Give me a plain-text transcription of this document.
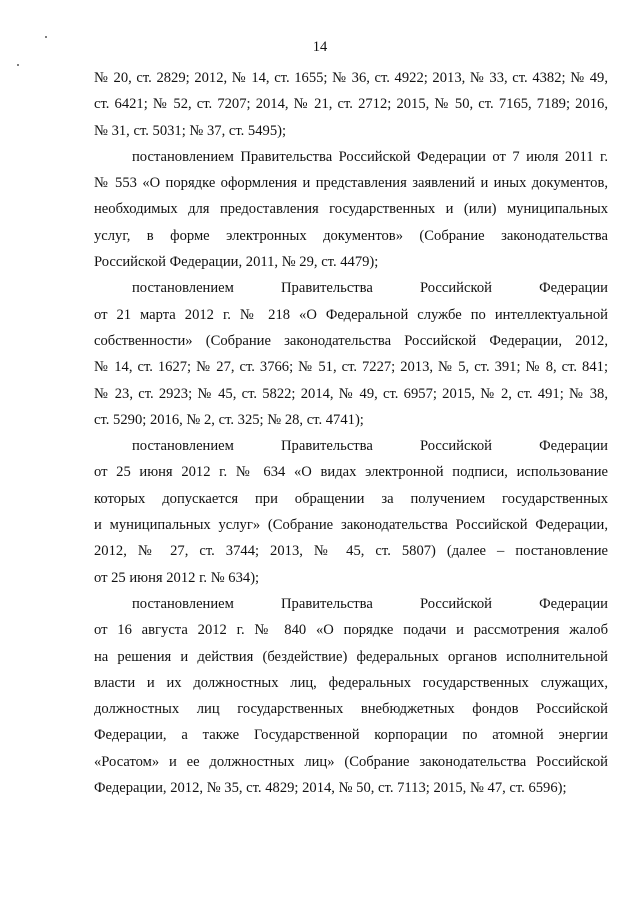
14
№ 20, ст. 2829; 2012, № 14, ст. 1655; № 36, ст. 4922; 2013, № 33, ст. 4382; № 49,
ст. 6421; № 52, ст. 7207; 2014, № 21, ст. 2712; 2015, № 50, ст. 7165, 7189; 2016,
№ 31, ст. 5031; № 37, ст. 5495);
постановлением Правительства Российской Федерации от 7 июля 2011 г.
№ 553 «О порядке оформления и представления заявлений и иных документов,
необходимых для предоставления государственных и (или) муниципальных
услуг, в форме электронных документов» (Собрание законодательства
Российской Федерации, 2011, № 29, ст. 4479);
постановлением Правительства Российской Федерации
от 21 марта 2012 г. № 218 «О Федеральной службе по интеллектуальной
собственности» (Собрание законодательства Российской Федерации, 2012,
№ 14, ст. 1627; № 27, ст. 3766; № 51, ст. 7227; 2013, № 5, ст. 391; № 8, ст. 841;
№ 23, ст. 2923; № 45, ст. 5822; 2014, № 49, ст. 6957; 2015, № 2, ст. 491; № 38,
ст. 5290; 2016, № 2, ст. 325; № 28, ст. 4741);
постановлением Правительства Российской Федерации
от 25 июня 2012 г. № 634 «О видах электронной подписи, использование
которых допускается при обращении за получением государственных
и муниципальных услуг» (Собрание законодательства Российской Федерации,
2012, № 27, ст. 3744; 2013, № 45, ст. 5807) (далее – постановление
от 25 июня 2012 г. № 634);
постановлением Правительства Российской Федерации
от 16 августа 2012 г. № 840 «О порядке подачи и рассмотрения жалоб
на решения и действия (бездействие) федеральных органов исполнительной
власти и их должностных лиц, федеральных государственных служащих,
должностных лиц государственных внебюджетных фондов Российской
Федерации, а также Государственной корпорации по атомной энергии
«Росатом» и ее должностных лиц» (Собрание законодательства Российской
Федерации, 2012, № 35, ст. 4829; 2014, № 50, ст. 7113; 2015, № 47, ст. 6596);
